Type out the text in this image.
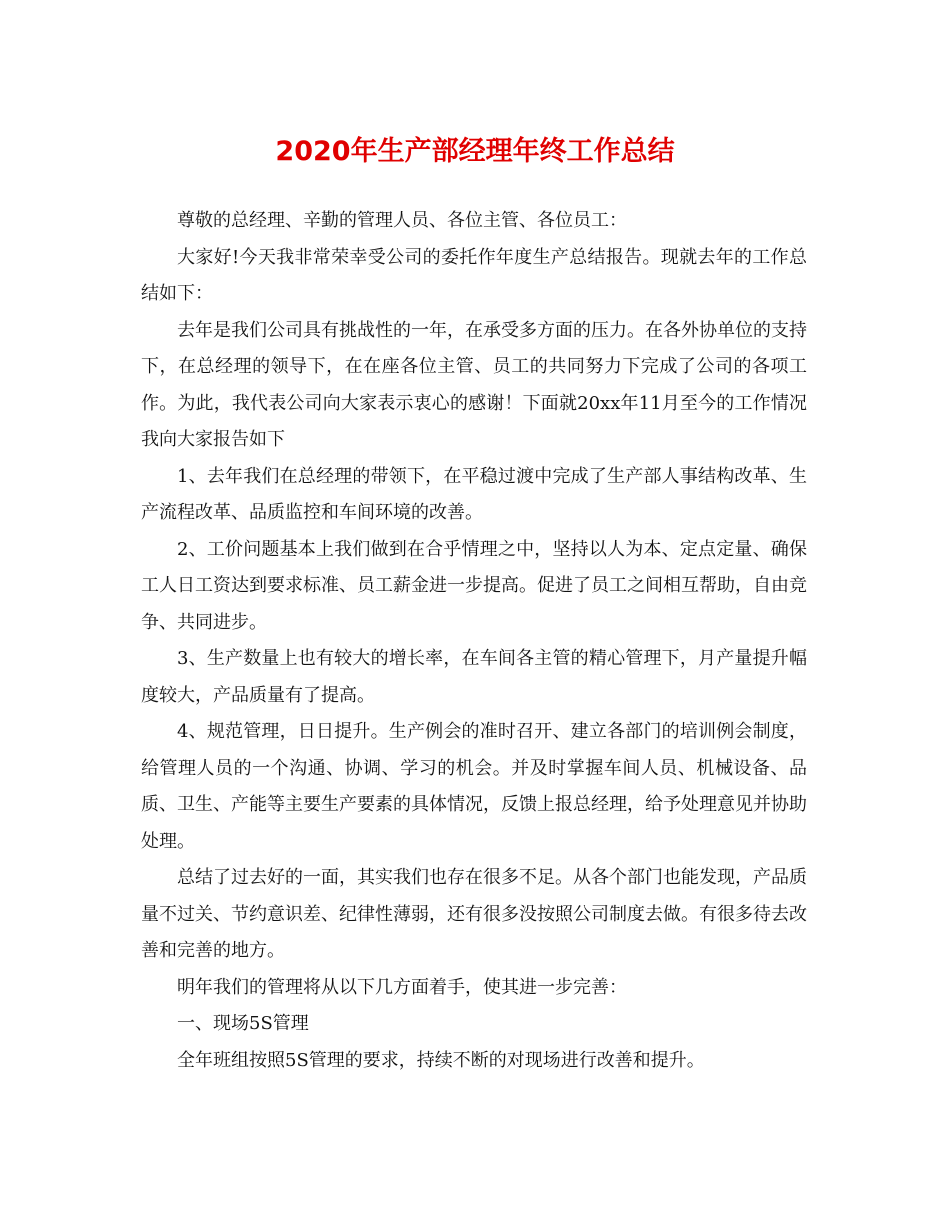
2020年生产部经理年终工作总结

尊敬的总经理、辛勤的管理人员、各位主管、各位员工：

大家好!今天我非常荣幸受公司的委托作年度生产总结报告。现就去年的工作总结如下：

去年是我们公司具有挑战性的一年，在承受多方面的压力。在各外协单位的支持下，在总经理的领导下，在在座各位主管、员工的共同努力下完成了公司的各项工作。为此，我代表公司向大家表示衷心的感谢！下面就20xx年11月至今的工作情况我向大家报告如下

1、去年我们在总经理的带领下，在平稳过渡中完成了生产部人事结构改革、生产流程改革、品质监控和车间环境的改善。

2、工价问题基本上我们做到在合乎情理之中，坚持以人为本、定点定量、确保工人日工资达到要求标准、员工薪金进一步提高。促进了员工之间相互帮助，自由竞争、共同进步。

3、生产数量上也有较大的增长率，在车间各主管的精心管理下，月产量提升幅度较大，产品质量有了提高。

4、规范管理，日日提升。生产例会的准时召开、建立各部门的培训例会制度，给管理人员的一个沟通、协调、学习的机会。并及时掌握车间人员、机械设备、品质、卫生、产能等主要生产要素的具体情况，反馈上报总经理，给予处理意见并协助处理。

总结了过去好的一面，其实我们也存在很多不足。从各个部门也能发现，产品质量不过关、节约意识差、纪律性薄弱，还有很多没按照公司制度去做。有很多待去改善和完善的地方。

明年我们的管理将从以下几方面着手，使其进一步完善：

一、现场5S管理

全年班组按照5S管理的要求，持续不断的对现场进行改善和提升。
